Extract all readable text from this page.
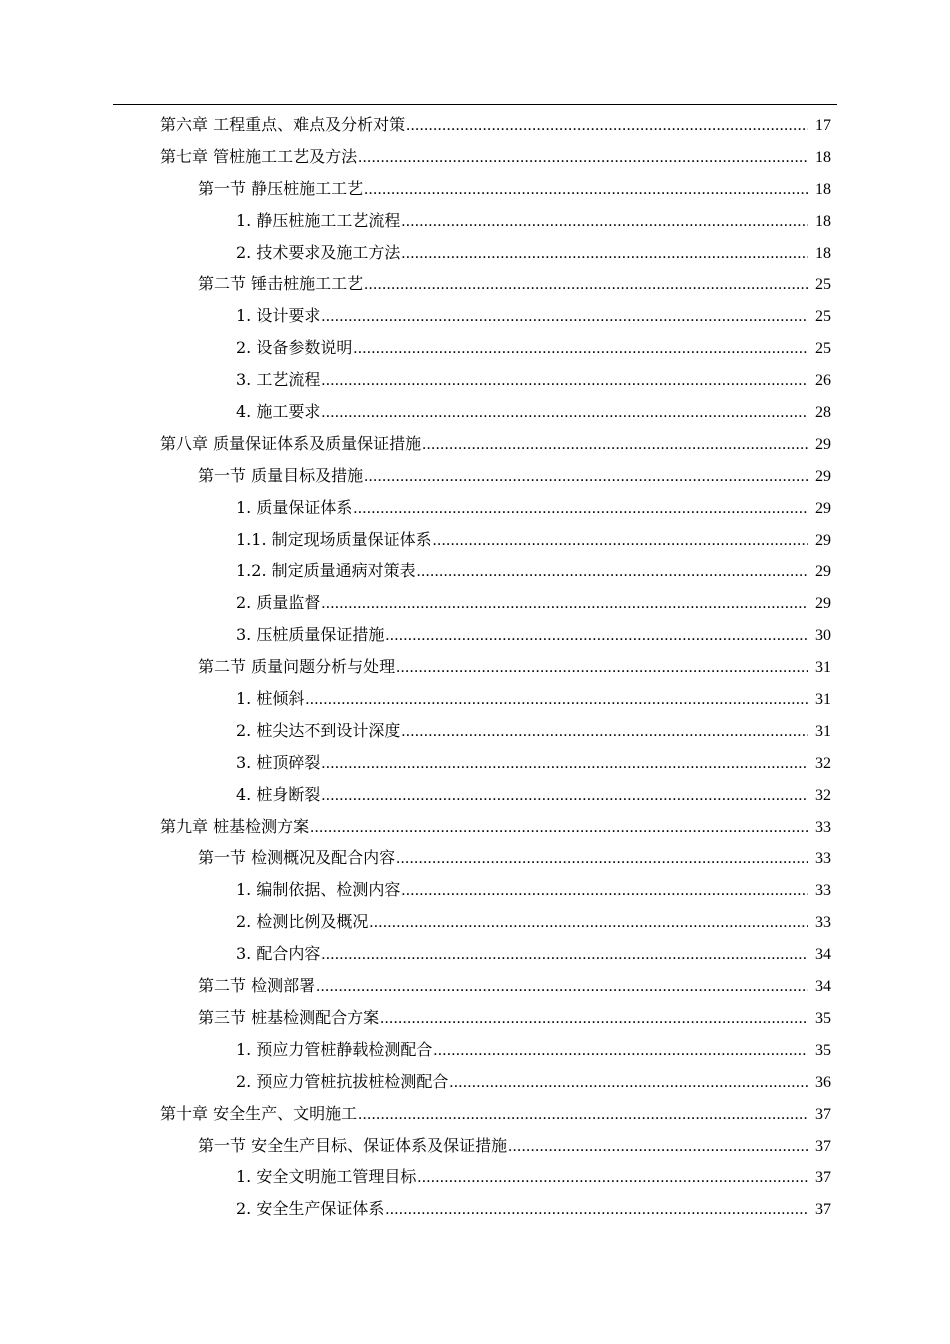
第六章 工程重点、难点及分析对策 .....	17
第七章 管桩施工工艺及方法 .....	18
第一节 静压桩施工工艺 .....	18
1. 静压桩施工工艺流程 .....	18
2. 技术要求及施工方法 .....	18
第二节 锤击桩施工工艺 .....	25
1. 设计要求 .....	25
2. 设备参数说明 .....	25
3. 工艺流程 .....	26
4. 施工要求 .....	28
第八章 质量保证体系及质量保证措施 .....	29
第一节 质量目标及措施 .....	29
1. 质量保证体系 .....	29
1.1. 制定现场质量保证体系 .....	29
1.2. 制定质量通病对策表 .....	29
2. 质量监督 .....	29
3. 压桩质量保证措施 .....	30
第二节 质量问题分析与处理 .....	31
1. 桩倾斜 .....	31
2. 桩尖达不到设计深度 .....	31
3. 桩顶碎裂 .....	32
4. 桩身断裂 .....	32
第九章 桩基检测方案 .....	33
第一节 检测概况及配合内容 .....	33
1. 编制依据、检测内容 .....	33
2. 检测比例及概况 .....	33
3. 配合内容 .....	34
第二节 检测部署 .....	34
第三节 桩基检测配合方案 .....	35
1. 预应力管桩静载检测配合 .....	35
2. 预应力管桩抗拔桩检测配合 .....	36
第十章 安全生产、文明施工 .....	37
第一节 安全生产目标、保证体系及保证措施 .....	37
1. 安全文明施工管理目标 .....	37
2. 安全生产保证体系 .....	37
